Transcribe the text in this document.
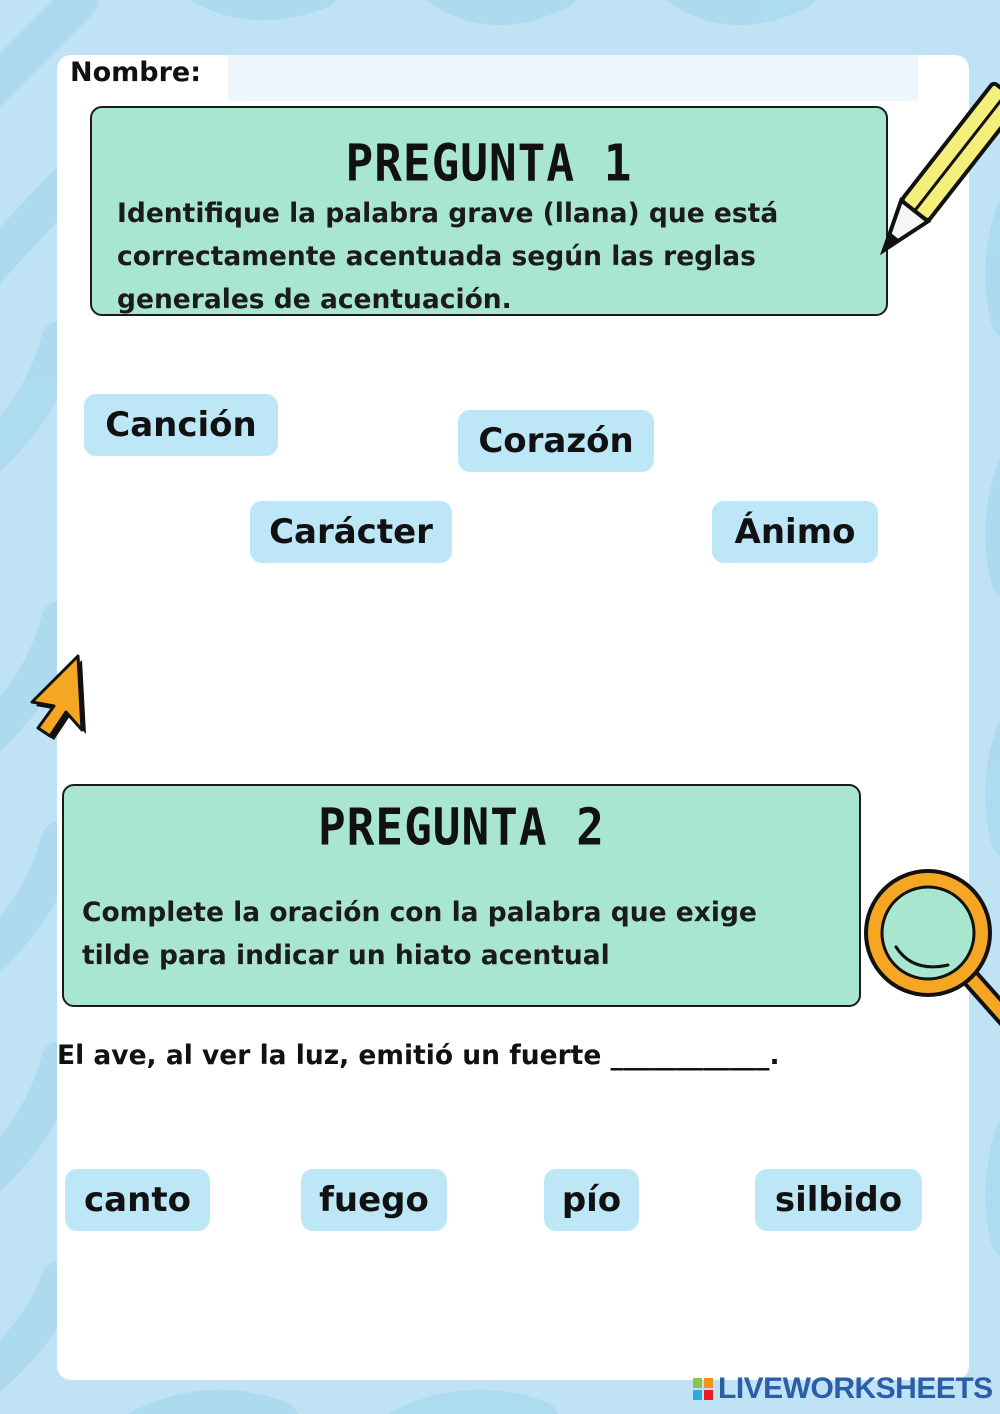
Nombre:
PREGUNTA 1
Identifique la palabra grave (llana) que está
correctamente acentuada según las reglas
generales de acentuación.
Canción	Corazón
Carácter	Ánimo
PREGUNTA 2
Complete la oración con la palabra que exige
tilde para indicar un hiato acentual
El ave, al ver la luz, emitió un fuerte ____________.
canto	fuego	pío	silbido
LIVEWORKSHEETS
